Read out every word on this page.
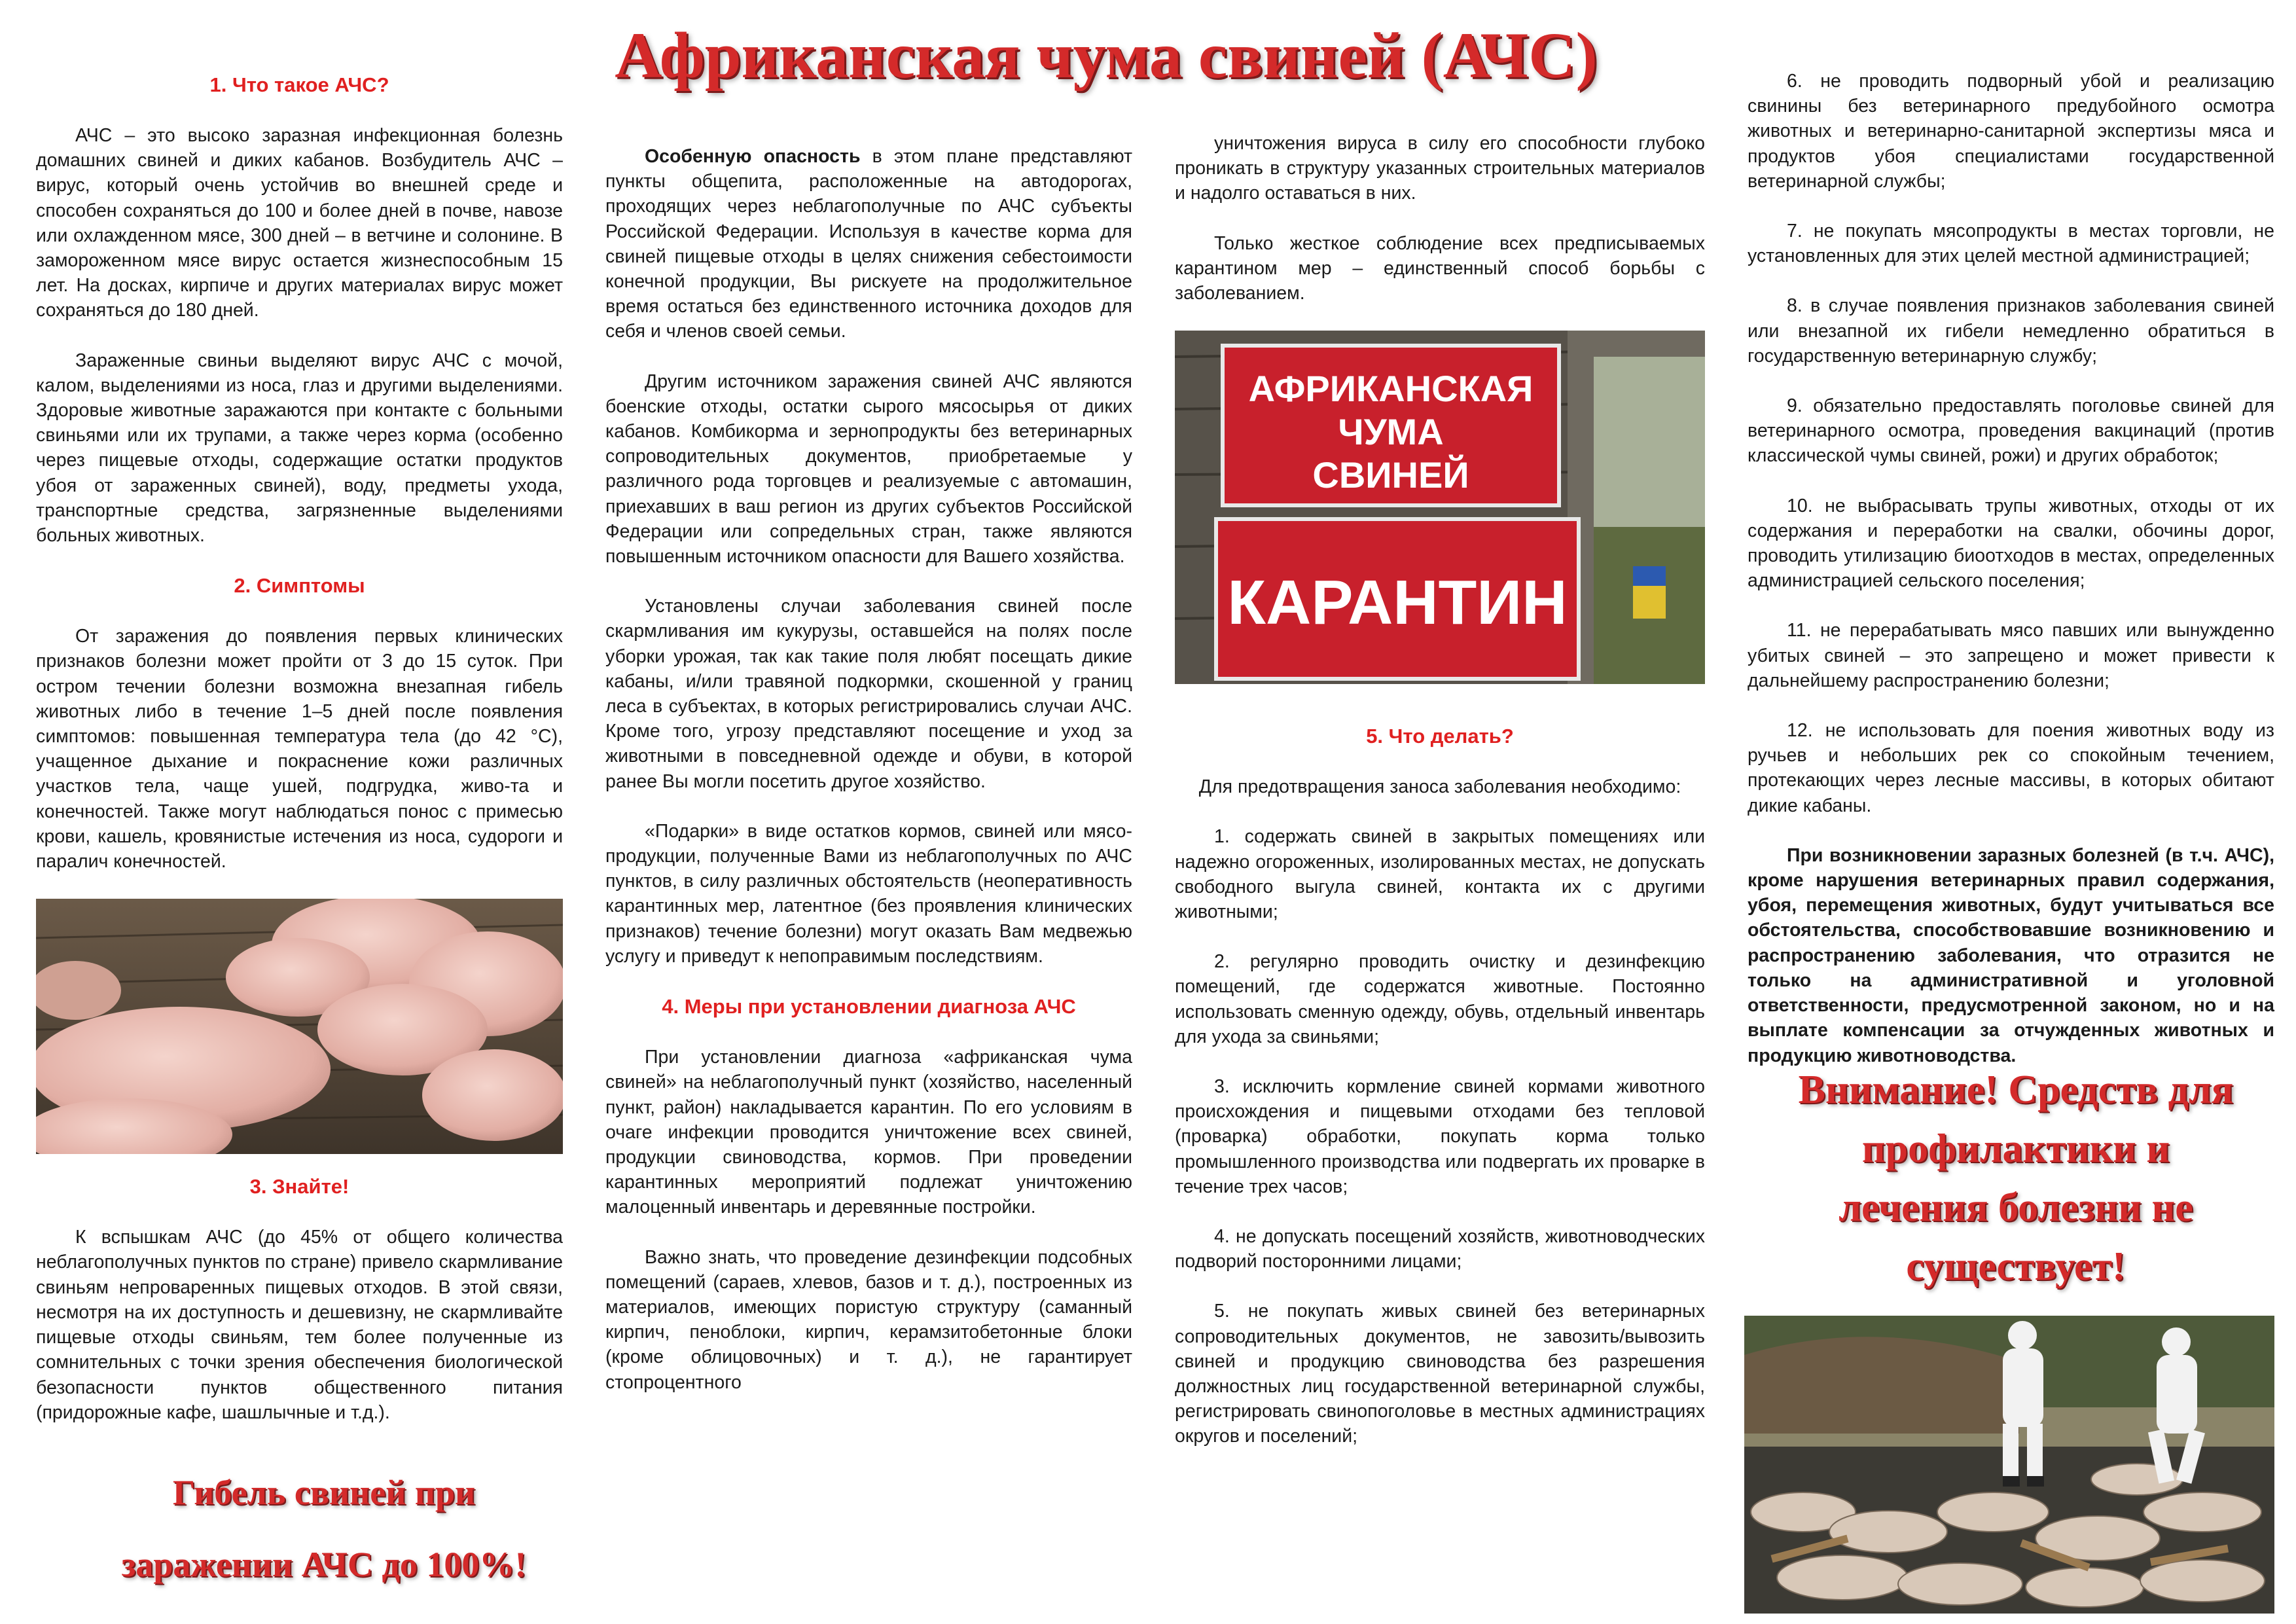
Африканская чума свиней (АЧС)
1. Что такое АЧС?

АЧС – это высоко заразная инфекционная болезнь домашних свиней и диких кабанов. Возбудитель АЧС – вирус, который очень устойчив во внешней среде и способен сохраняться до 100 и более дней в почве, навозе или охлажденном мясе, 300 дней – в ветчине и солонине. В замороженном мясе вирус остается жизнеспособным 15 лет. На досках, кирпиче и других материалах вирус может сохраняться до 180 дней.

Зараженные свиньи выделяют вирус АЧС с мочой, калом, выделениями из носа, глаз и другими выделениями. Здоровые животные заражаются при контакте с больными свиньями или их трупами, а также через корма (особенно через пищевые отходы, содержащие остатки продуктов убоя от зараженных свиней), воду, предметы ухода, транспортные средства, загрязненные выделениями больных животных.

2. Симптомы

От заражения до появления первых клинических признаков болезни может пройти от 3 до 15 суток. При остром течении болезни возможна внезапная гибель животных либо в течение 1–5 дней после появления симптомов: повышенная температура тела (до 42 °С), учащенное дыхание и покраснение кожи различных участков тела, чаще ушей, подгрудка, живо-та и конечностей. Также могут наблюдаться понос с примесью крови, кашель, кровянистые истечения из носа, судороги и паралич конечностей.

3. Знайте!

К вспышкам АЧС (до 45% от общего количества неблагополучных пунктов по стране) привело скармливание свиньям непроваренных пищевых отходов. В этой связи, несмотря на их доступность и дешевизну, не скармливайте пищевые отходы свиньям, тем более полученные из сомнительных с точки зрения обеспечения биологической безопасности пунктов общественного питания (придорожные кафе, шашлычные и т.д.).

Гибель свиней при
заражении АЧС до 100%!

Особенную опасность в этом плане представляют пункты общепита, расположенные на автодорогах, проходящих через неблагополучные по АЧС субъекты Российской Федерации. Используя в качестве корма для свиней пищевые отходы в целях снижения себестоимости конечной продукции, Вы рискуете на продолжительное время остаться без единственного источника доходов для себя и членов своей семьи.

Другим источником заражения свиней АЧС являются боенские отходы, остатки сырого мясосырья от диких кабанов. Комбикорма и зернопродукты без ветеринарных сопроводительных документов, приобретаемые у различного рода торговцев и реализуемые с автомашин, приехавших в ваш регион из других субъектов Российской Федерации или сопредельных стран, также являются повышенным источником опасности для Вашего хозяйства.

Установлены случаи заболевания свиней после скармливания им кукурузы, оставшейся на полях после уборки урожая, так как такие поля любят посещать дикие кабаны, и/или травяной подкормки, скошенной у границ леса в субъектах, в которых регистрировались случаи АЧС. Кроме того, угрозу представляют посещение и уход за животными в повседневной одежде и обуви, в которой ранее Вы могли посетить другое хозяйство.

«Подарки» в виде остатков кормов, свиней или мясо-продукции, полученные Вами из неблагополучных по АЧС пунктов, в силу различных обстоятельств (неоперативность карантинных мер, латентное (без проявления клинических признаков) течение болезни) могут оказать Вам медвежью услугу и приведут к непоправимым последствиям.

4. Меры при установлении диагноза АЧС

При установлении диагноза «африканская чума свиней» на неблагополучный пункт (хозяйство, населенный пункт, район) накладывается карантин. По его условиям в очаге инфекции проводится уничтожение всех свиней, продукции свиноводства, кормов. При проведении карантинных мероприятий подлежат уничтожению малоценный инвентарь и деревянные постройки.

Важно знать, что проведение дезинфекции подсобных помещений (сараев, хлевов, базов и т. д.), построенных из материалов, имеющих пористую структуру (саманный кирпич, пеноблоки, кирпич, керамзитобетонные блоки (кроме облицовочных) и т. д.), не гарантирует стопроцентного

уничтожения вируса в силу его способности глубоко проникать в структуру указанных строительных материалов и надолго оставаться в них.

Только жесткое соблюдение всех предписываемых карантином мер – единственный способ борьбы с заболеванием.

АФРИКАНСКАЯ
ЧУМА
СВИНЕЙ
КАРАНТИН
5. Что делать?

Для предотвращения заноса заболевания необходимо:

1. содержать свиней в закрытых помещениях или надежно огороженных, изолированных местах, не допускать свободного выгула свиней, контакта их с другими животными;

2. регулярно проводить очистку и дезинфекцию помещений, где содержатся животные. Постоянно использовать сменную одежду, обувь, отдельный инвентарь для ухода за свиньями;

3. исключить кормление свиней кормами животного происхождения и пищевыми отходами без тепловой (проварка) обработки, покупать корма только промышленного производства или подвергать их проварке в течение трех часов;

4. не допускать посещений хозяйств, животноводческих подворий посторонними лицами;

5. не покупать живых свиней без ветеринарных сопроводительных документов, не завозить/вывозить свиней и продукцию свиноводства без разрешения должностных лиц государственной ветеринарной службы, регистрировать свинопоголовье в местных администрациях округов и поселений;

6. не проводить подворный убой и реализацию свинины без ветеринарного предубойного осмотра животных и ветеринарно-санитарной экспертизы мяса и продуктов убоя специалистами государственной ветеринарной службы;

7. не покупать мясопродукты в местах торговли, не установленных для этих целей местной администрацией;

8. в случае появления признаков заболевания свиней или внезапной их гибели немедленно обратиться в государственную ветеринарную службу;

9. обязательно предоставлять поголовье свиней для ветеринарного осмотра, проведения вакцинаций (против классической чумы свиней, рожи) и других обработок;

10. не выбрасывать трупы животных, отходы от их содержания и переработки на свалки, обочины дорог, проводить утилизацию биоотходов в местах, определенных администрацией сельского поселения;

11. не перерабатывать мясо павших или вынужденно убитых свиней – это запрещено и может привести к дальнейшему распространению болезни;

12. не использовать для поения животных воду из ручьев и небольших рек со спокойным течением, протекающих через лесные массивы, в которых обитают дикие кабаны.

При возникновении заразных болезней (в т.ч. АЧС), кроме нарушения ветеринарных правил содержания, убоя, перемещения животных, будут учитываться все обстоятельства, способствовавшие возникновению и распространению заболевания, что отразится не только на административной и уголовной ответственности, предусмотренной законом, но и на выплате компенсации за отчужденных животных и продукцию животноводства.

Внимание! Средств для
профилактики и
лечения болезни не
существует!
